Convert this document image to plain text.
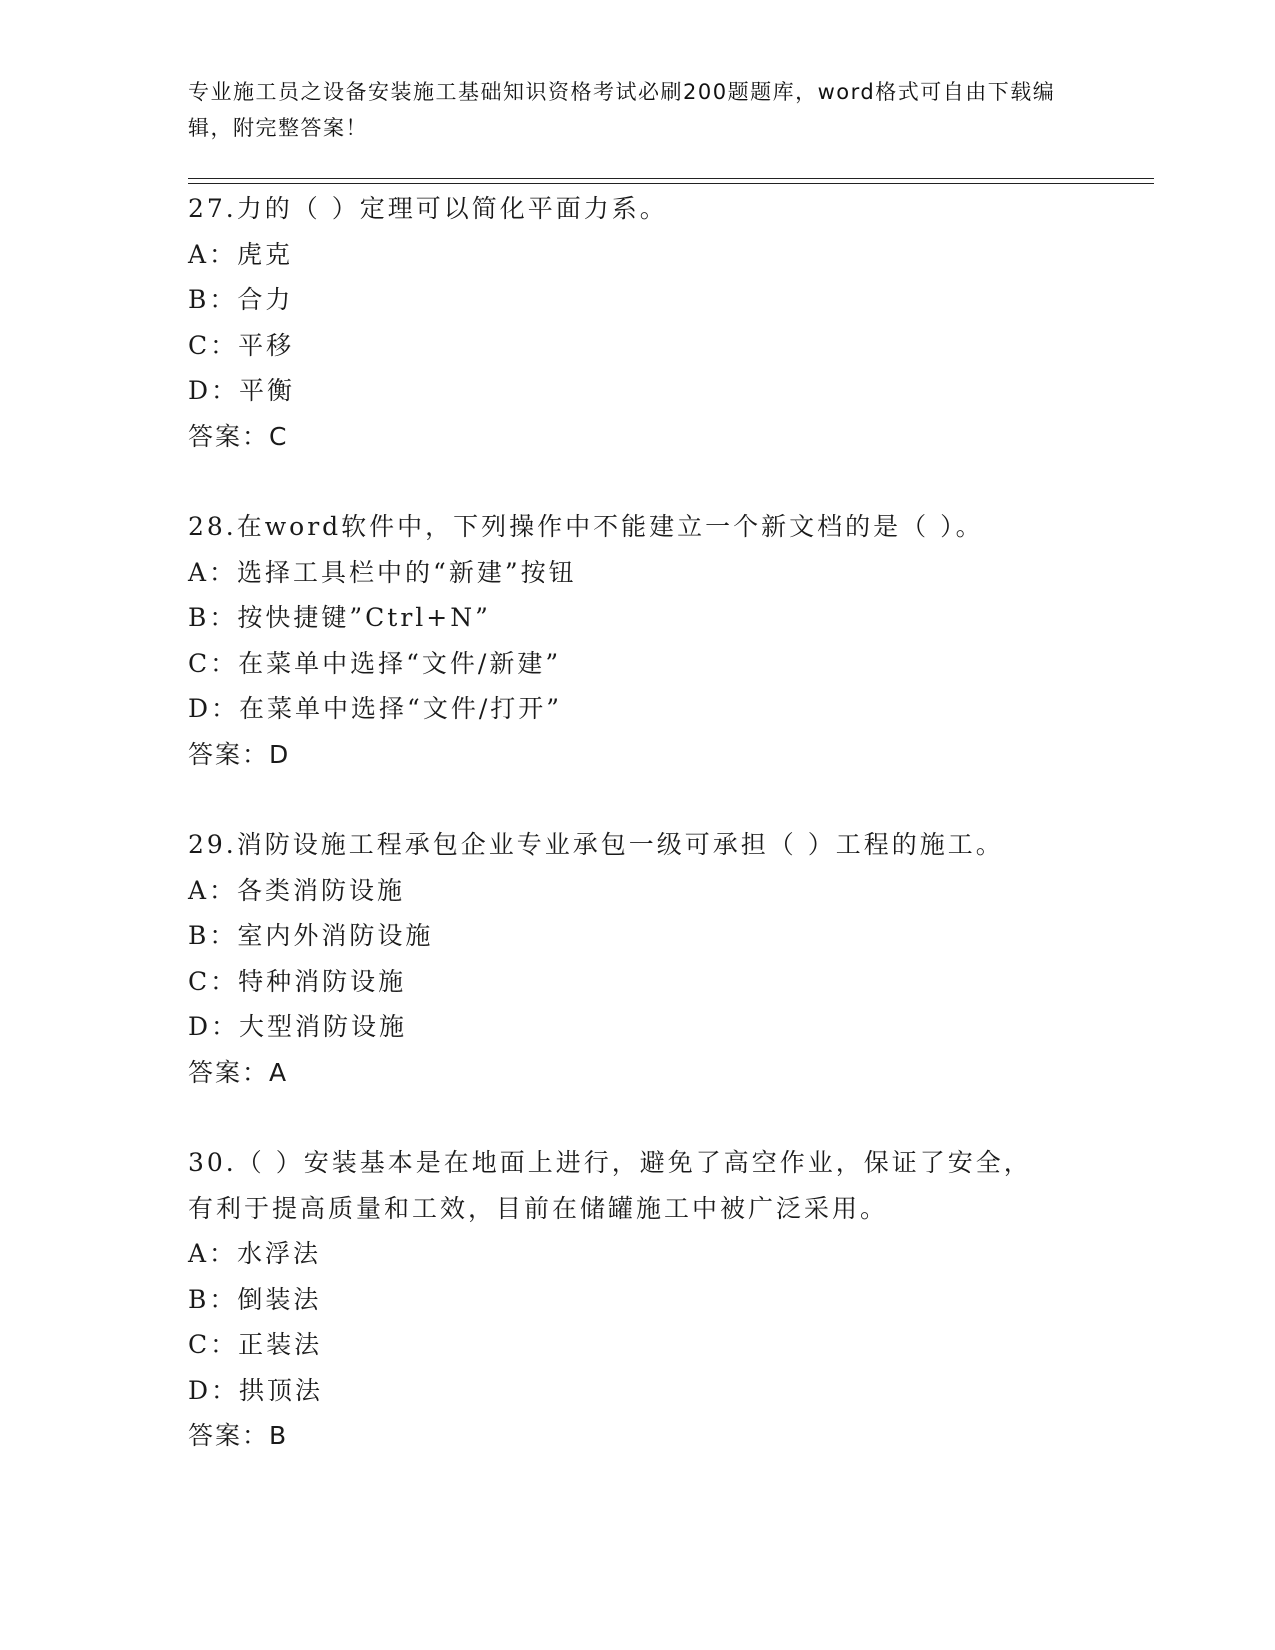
专业施工员之设备安装施工基础知识资格考试必刷200题题库，word格式可自由下载编辑，附完整答案！
27.力的（ ）定理可以简化平面力系。
A：虎克
B：合力
C：平移
D：平衡
答案：C
28.在word软件中，下列操作中不能建立一个新文档的是（ ）。
A：选择工具栏中的“新建”按钮
B：按快捷键”Ctrl+N”
C：在菜单中选择“文件/新建”
D：在菜单中选择“文件/打开”
答案：D
29.消防设施工程承包企业专业承包一级可承担（ ）工程的施工。
A：各类消防设施
B：室内外消防设施
C：特种消防设施
D：大型消防设施
答案：A
30.（ ）安装基本是在地面上进行，避免了高空作业，保证了安全，
有利于提高质量和工效，目前在储罐施工中被广泛采用。
A：水浮法
B：倒装法
C：正装法
D：拱顶法
答案：B
